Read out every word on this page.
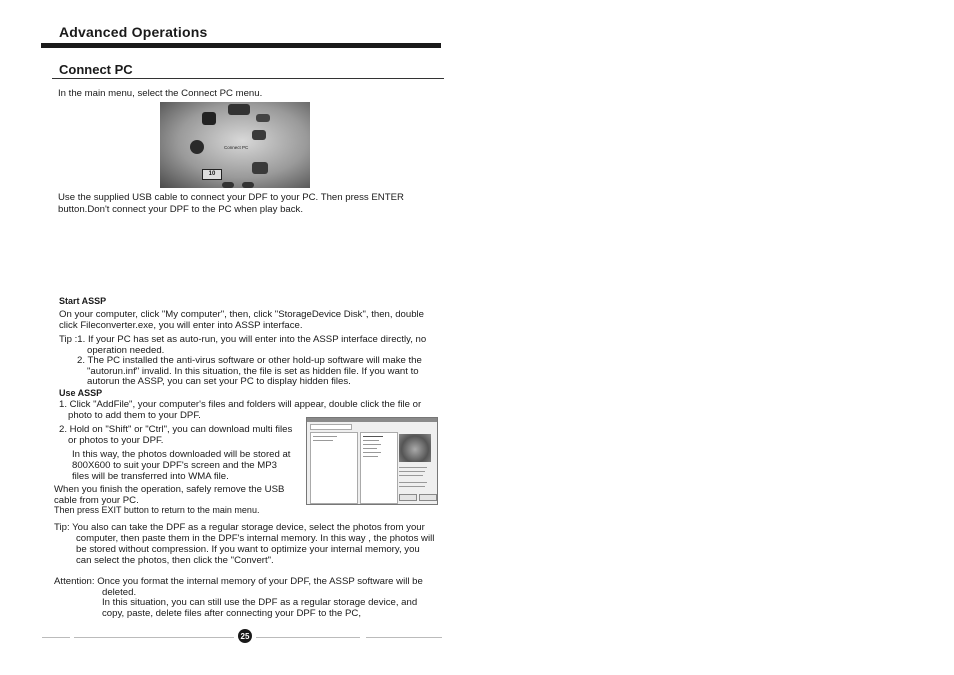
Advanced Operations
Connect PC
In the main menu, select the Connect PC menu.
Connect PC
10
Use the supplied USB cable to connect your DPF to your PC. Then press ENTER
button.Don't connect your DPF to the PC when play back.
Start ASSP
On your computer, click "My computer", then, click "StorageDevice Disk", then, double
click Fileconverter.exe, you will enter into ASSP interface.
Tip :1. If your PC has set as auto-run, you will enter into the ASSP interface directly, no
operation needed.
2. The PC installed the anti-virus software or other hold-up software will make the
"autorun.inf" invalid. In this situation, the file is set as hidden file. If you want to
autorun the ASSP, you can set your PC to display hidden files.
Use ASSP
1. Click "AddFile", your computer's files and folders will appear, double click the file or
photo to add them to your DPF.
2. Hold on "Shift" or "Ctrl", you can download multi files
or photos to your DPF.
In this way, the photos downloaded will be stored at
800X600 to suit your DPF's screen and the MP3
files will be transferred into WMA file.
When you finish the operation, safely remove the USB
cable from your PC.
Then press EXIT button to return to the main menu.
Tip: You also can take the DPF as a regular storage device, select the photos from your
computer, then paste them in the DPF's internal memory. In this way , the photos will
be stored without compression. If you want to optimize your internal memory, you
can select the photos, then click the "Convert".
Attention: Once you format the internal memory of your DPF, the ASSP software will be
deleted.
In this situation, you can still use the DPF as a regular storage device, and
copy, paste, delete files after connecting your DPF to the PC,
25
